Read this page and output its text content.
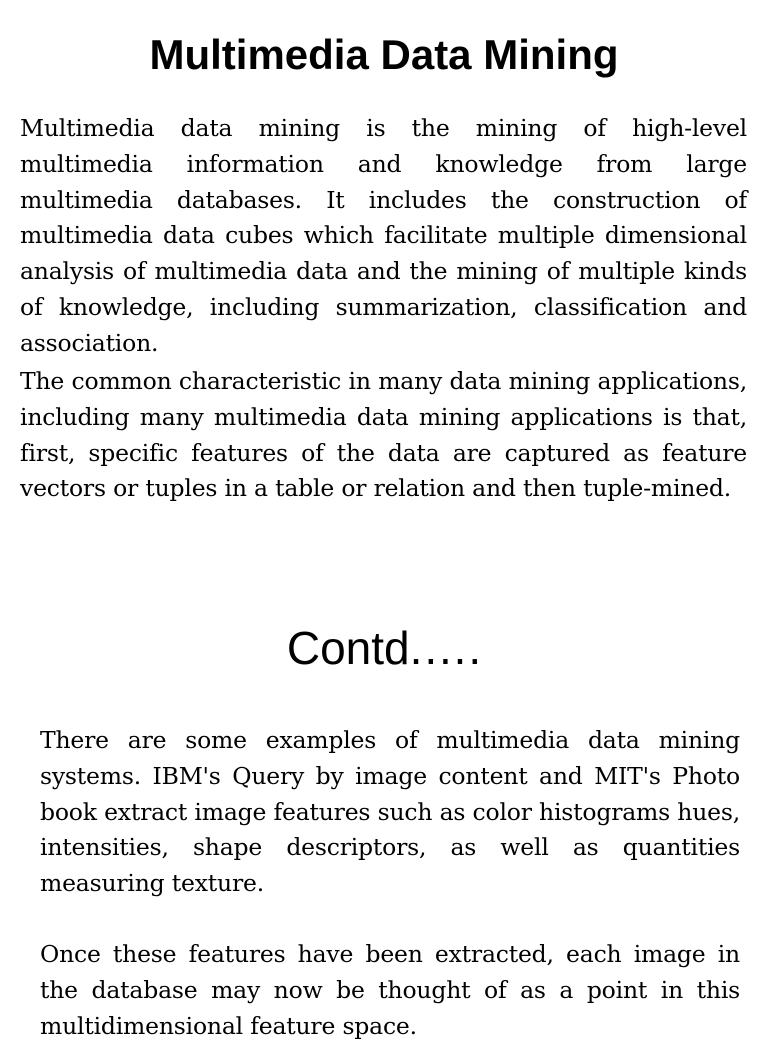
Multimedia Data Mining

Multimedia data mining is the mining of high-level multimedia information and knowledge from large multimedia databases. It includes the construction of multimedia data cubes which facilitate multiple dimensional analysis of multimedia data and the mining of multiple kinds of knowledge, including summarization, classification and association.

The common characteristic in many data mining applications, including many multimedia data mining applications is that, first, specific features of the data are captured as feature vectors or tuples in a table or relation and then tuple-mined.

Contd.….

There are some examples of multimedia data mining systems. IBM's Query by image content and MIT's Photo book extract image features such as color histograms hues, intensities, shape descriptors, as well as quantities measuring texture.

Once these features have been extracted, each image in the database may now be thought of as a point in this multidimensional feature space.
